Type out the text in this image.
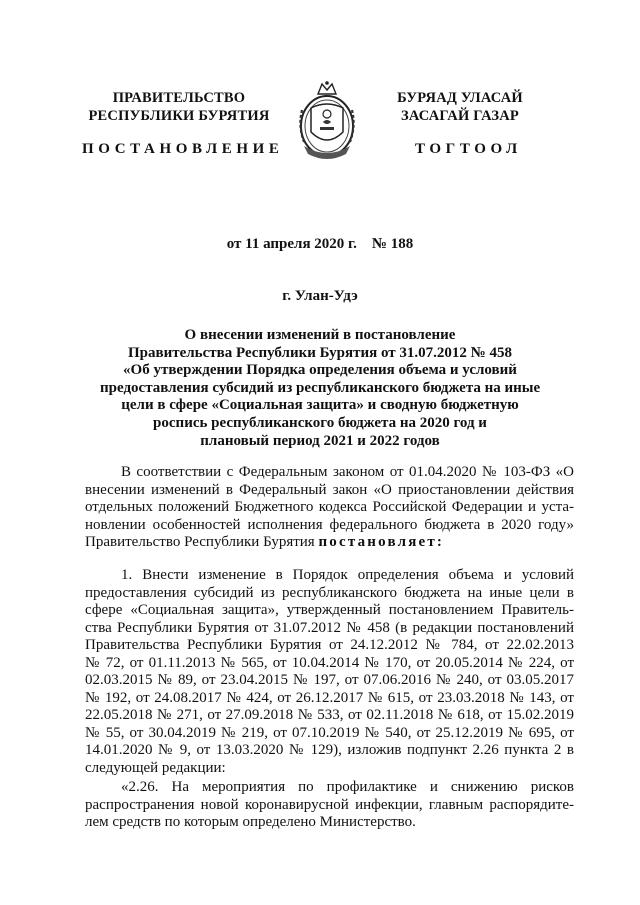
ПРАВИТЕЛЬСТВО
РЕСПУБЛИКИ БУРЯТИЯ
БУРЯАД УЛАСАЙ
ЗАСАГАЙ ГАЗАР
ПОСТАНОВЛЕНИЕ	ТОГТООЛ
от 11 апреля 2020 г.    № 188
г. Улан-Удэ
О внесении изменений в постановление
Правительства Республики Бурятия от 31.07.2012 № 458
«Об утверждении Порядка определения объема и условий
предоставления субсидий из республиканского бюджета на иные
цели в сфере «Социальная защита» и сводную бюджетную
роспись республиканского бюджета на 2020 год и
плановый период 2021 и 2022 годов
В соответствии с Федеральным законом от 01.04.2020 № 103-ФЗ «О
внесении изменений в Федеральный закон «О приостановлении действия
отдельных положений Бюджетного кодекса Российской Федерации и уста-
новлении особенностей исполнения федерального бюджета в 2020 году»
Правительство Республики Бурятия постановляет:
1. Внести изменение в Порядок определения объема и условий
предоставления субсидий из республиканского бюджета на иные цели в
сфере «Социальная защита», утвержденный постановлением Правитель-
ства Республики Бурятия от 31.07.2012 № 458 (в редакции постановлений
Правительства Республики Бурятия от 24.12.2012 № 784, от 22.02.2013
№ 72, от 01.11.2013 № 565, от 10.04.2014 № 170, от 20.05.2014 № 224, от
02.03.2015 № 89, от 23.04.2015 № 197, от 07.06.2016 № 240, от 03.05.2017
№ 192, от 24.08.2017 № 424, от 26.12.2017 № 615, от 23.03.2018 № 143, от
22.05.2018 № 271, от 27.09.2018 № 533, от 02.11.2018 № 618, от 15.02.2019
№ 55, от 30.04.2019 № 219, от 07.10.2019 № 540, от 25.12.2019 № 695, от
14.01.2020 № 9, от 13.03.2020 № 129), изложив подпункт 2.26 пункта 2 в
следующей редакции:
«2.26. На мероприятия по профилактике и снижению рисков
распространения новой коронавирусной инфекции, главным распорядите-
лем средств по которым определено Министерство.
